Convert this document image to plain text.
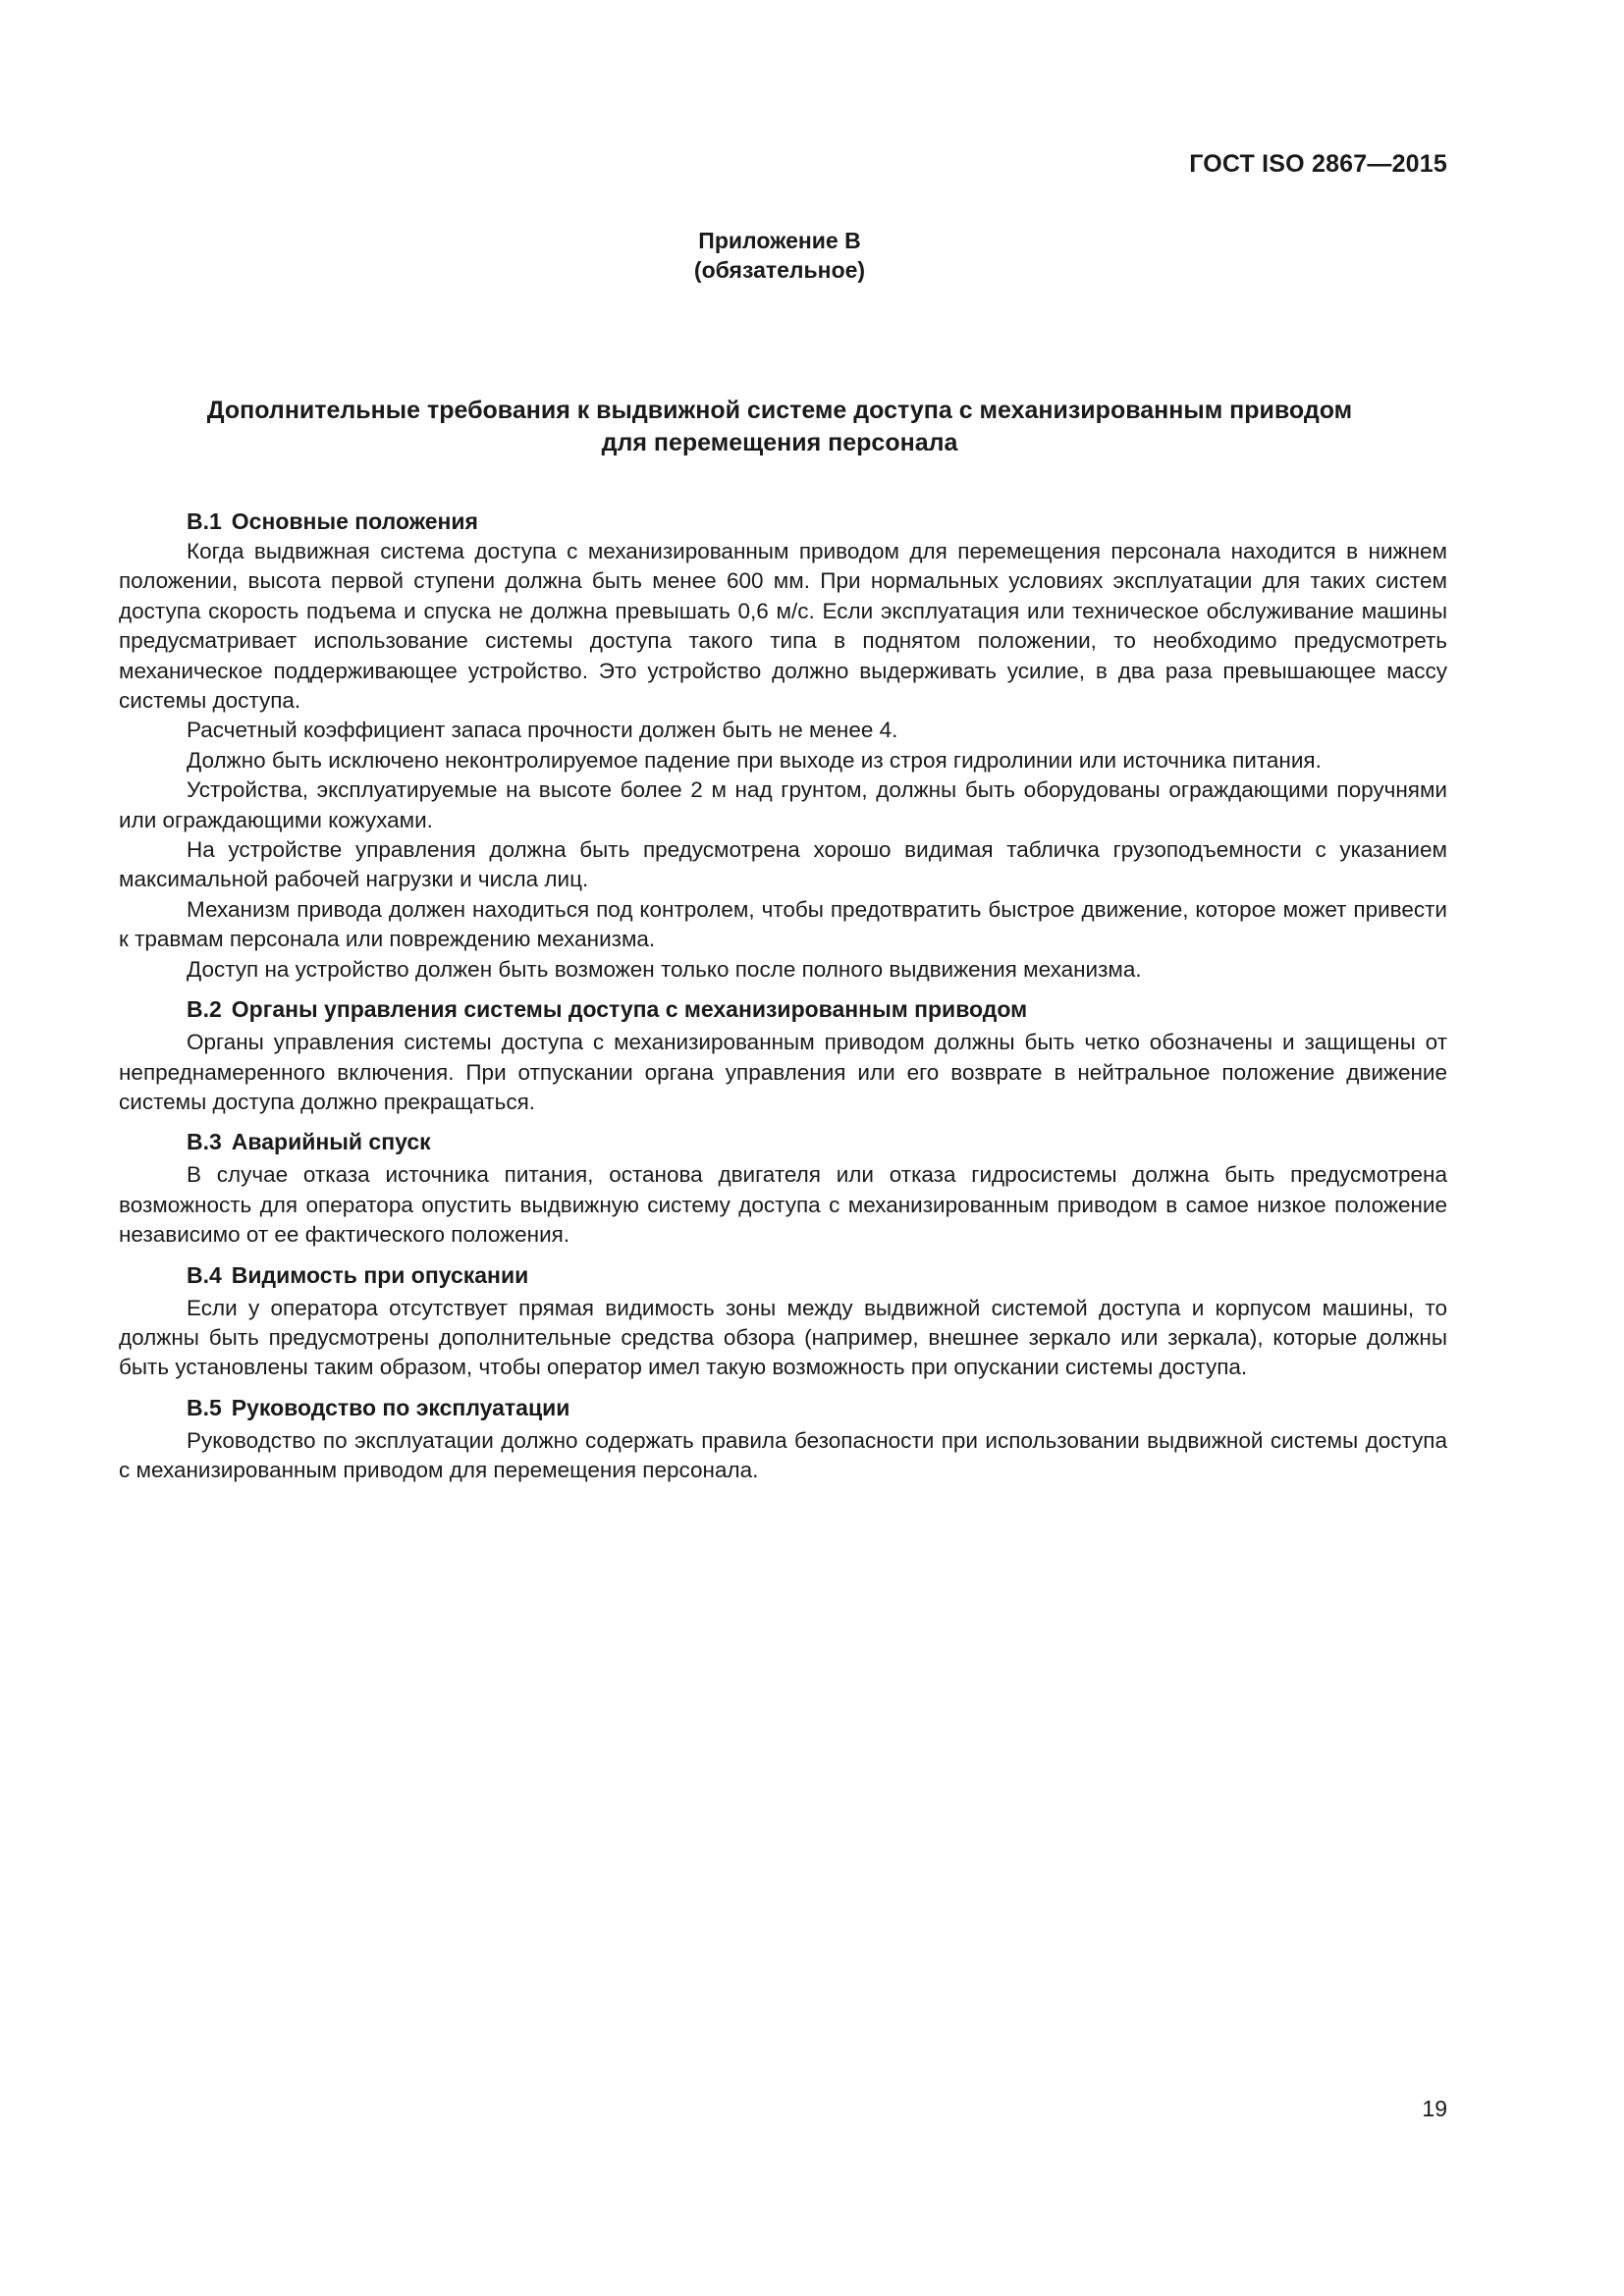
ГОСТ ISO 2867—2015
Приложение В
(обязательное)
Дополнительные требования к выдвижной системе доступа с механизированным приводом
для перемещения персонала
В.1 Основные положения

Когда выдвижная система доступа с механизированным приводом для перемещения персонала находится в нижнем положении, высота первой ступени должна быть менее 600 мм. При нормальных условиях эксплуатации для таких систем доступа скорость подъема и спуска не должна превышать 0,6 м/с. Если эксплуатация или техническое обслуживание машины предусматривает использование системы доступа такого типа в поднятом положении, то необходимо предусмотреть механическое поддерживающее устройство. Это устройство должно выдерживать усилие, в два раза превышающее массу системы доступа.

Расчетный коэффициент запаса прочности должен быть не менее 4.

Должно быть исключено неконтролируемое падение при выходе из строя гидролинии или источника питания.

Устройства, эксплуатируемые на высоте более 2 м над грунтом, должны быть оборудованы ограждающими поручнями или ограждающими кожухами.

На устройстве управления должна быть предусмотрена хорошо видимая табличка грузоподъемности с указанием максимальной рабочей нагрузки и числа лиц.

Механизм привода должен находиться под контролем, чтобы предотвратить быстрое движение, которое может привести к травмам персонала или повреждению механизма.

Доступ на устройство должен быть возможен только после полного выдвижения механизма.

В.2 Органы управления системы доступа с механизированным приводом

Органы управления системы доступа с механизированным приводом должны быть четко обозначены и защищены от непреднамеренного включения. При отпускании органа управления или его возврате в нейтральное положение движение системы доступа должно прекращаться.

В.3 Аварийный спуск

В случае отказа источника питания, останова двигателя или отказа гидросистемы должна быть предусмотрена возможность для оператора опустить выдвижную систему доступа с механизированным приводом в самое низкое положение независимо от ее фактического положения.

В.4 Видимость при опускании

Если у оператора отсутствует прямая видимость зоны между выдвижной системой доступа и корпусом машины, то должны быть предусмотрены дополнительные средства обзора (например, внешнее зеркало или зеркала), которые должны быть установлены таким образом, чтобы оператор имел такую возможность при опускании системы доступа.

В.5 Руководство по эксплуатации

Руководство по эксплуатации должно содержать правила безопасности при использовании выдвижной системы доступа с механизированным приводом для перемещения персонала.

19
